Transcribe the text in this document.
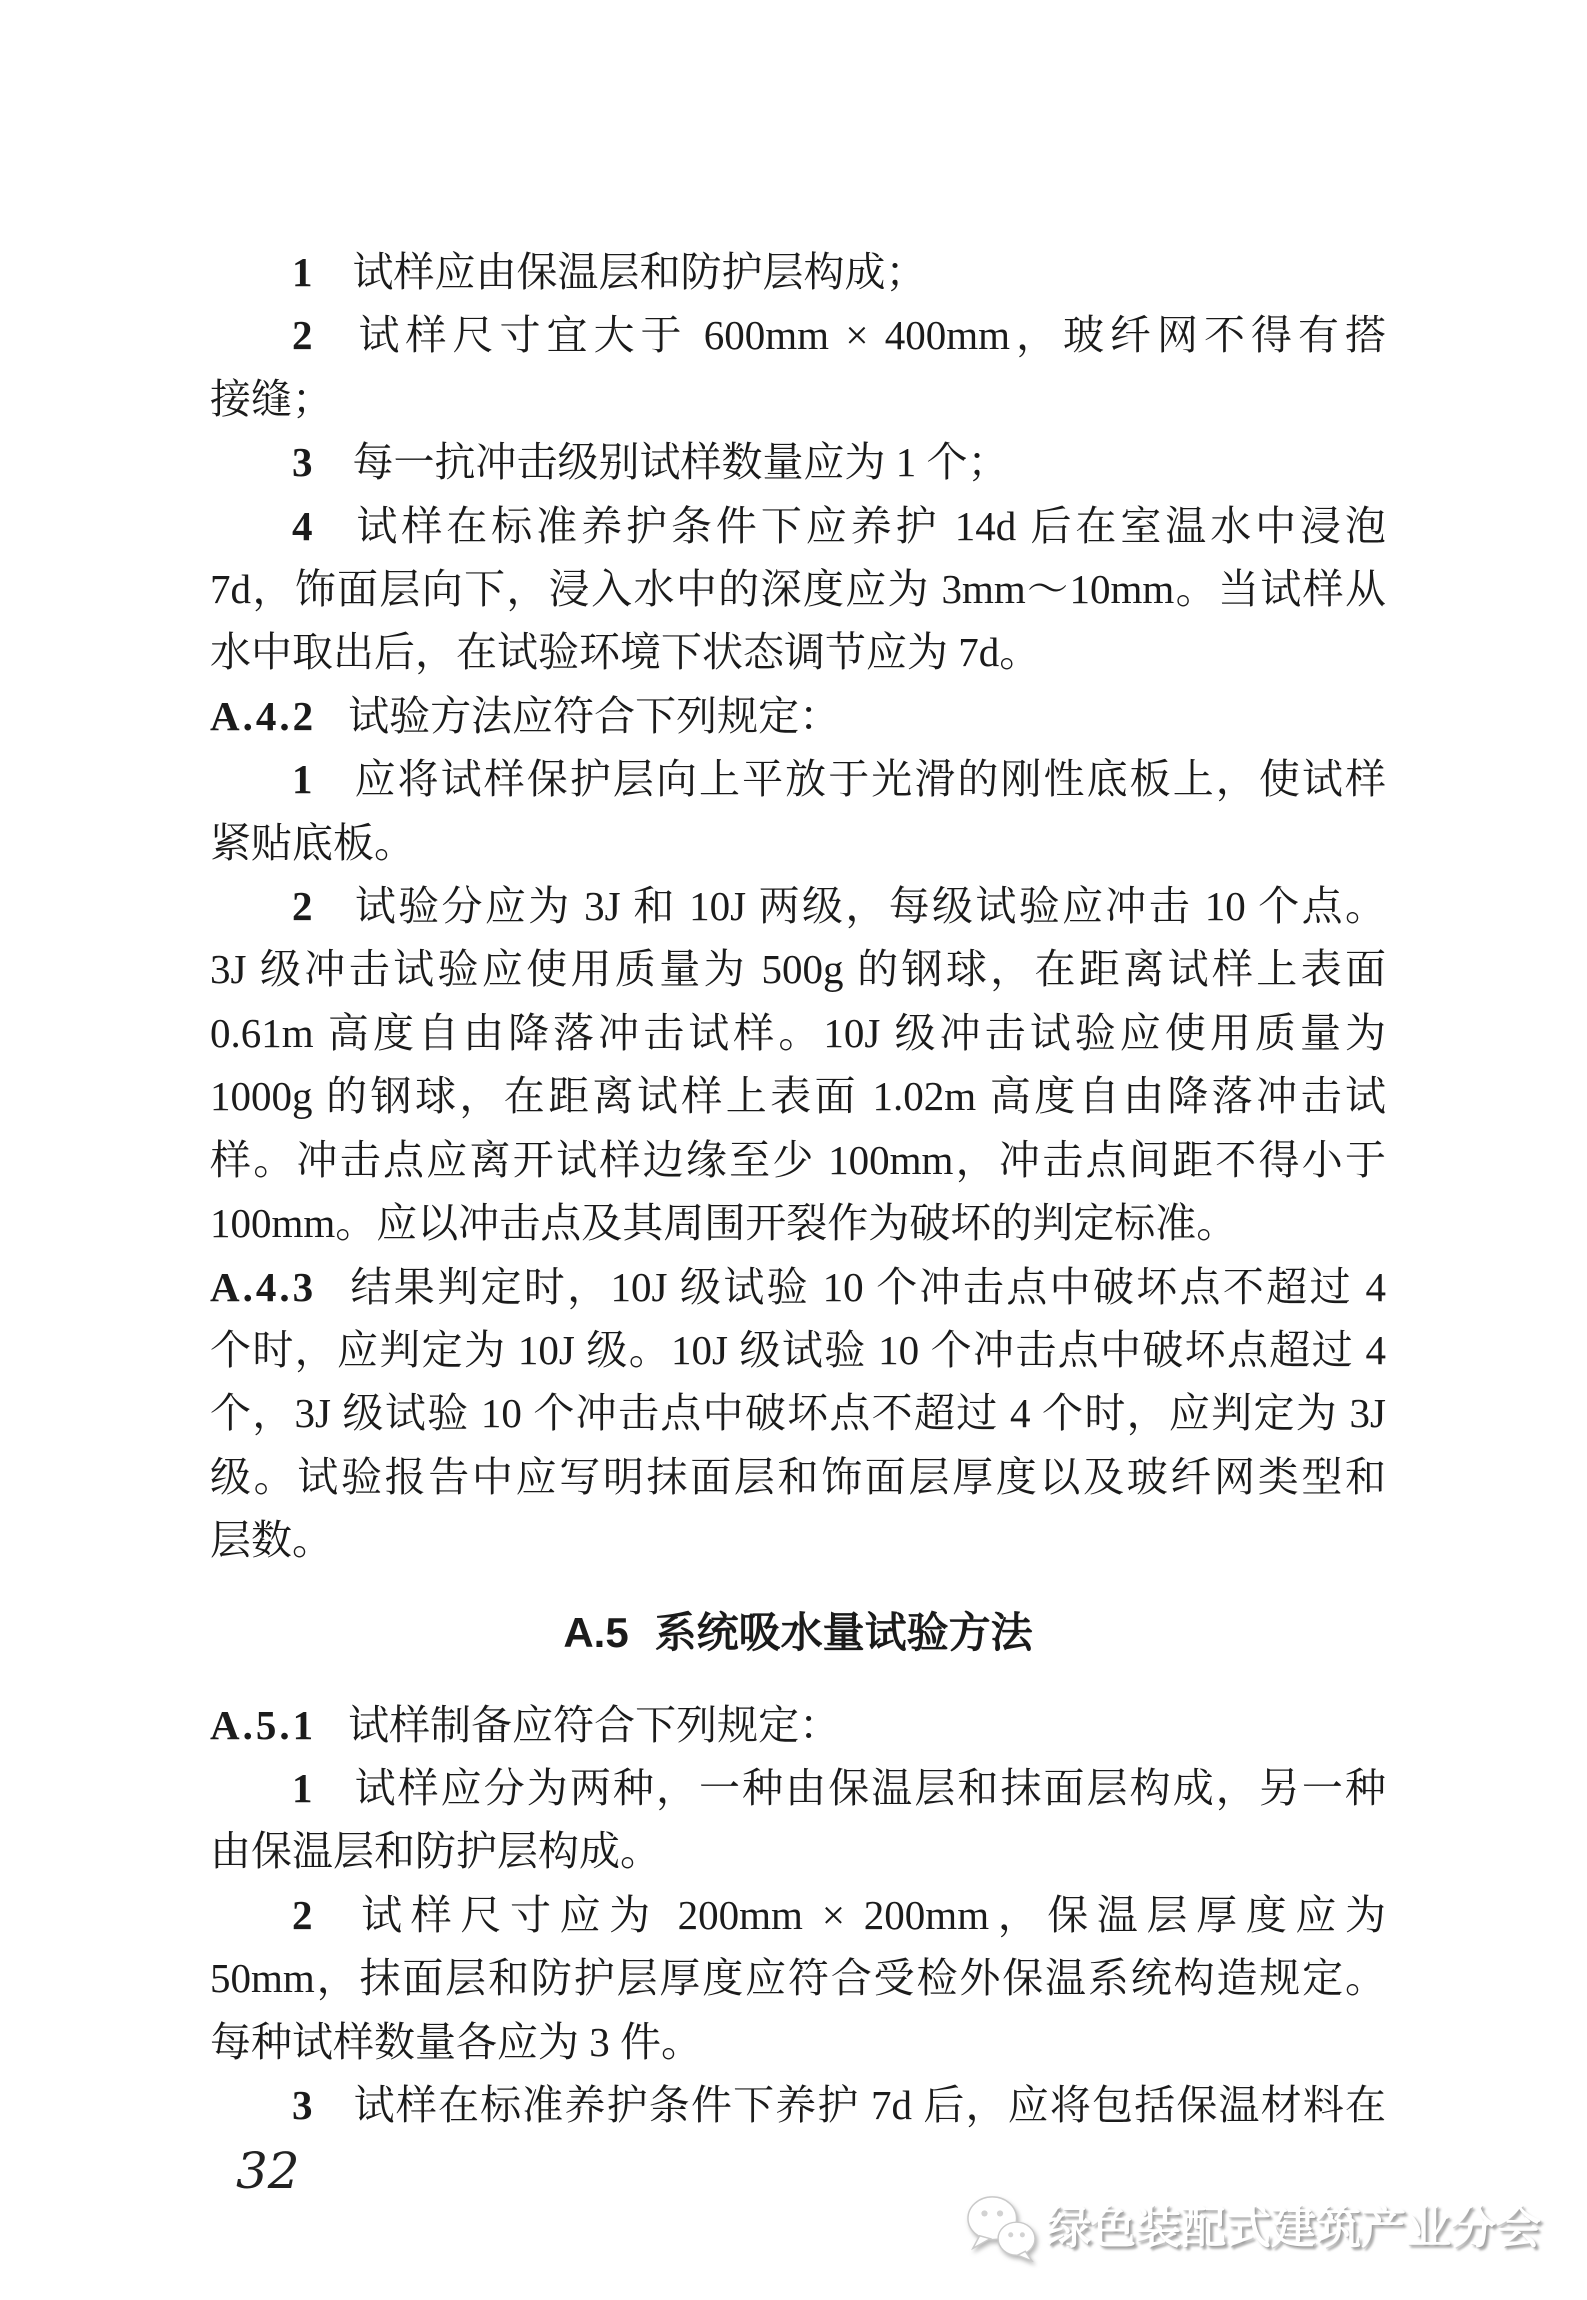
1 试样应由保温层和防护层构成；
2 试样尺寸宜大于 600mm × 400mm，玻纤网不得有搭
接缝；
3 每一抗冲击级别试样数量应为 1 个；
4 试样在标准养护条件下应养护 14d 后在室温水中浸泡
7d，饰面层向下，浸入水中的深度应为 3mm～10mm。当试样从
水中取出后，在试验环境下状态调节应为 7d。
A.4.2 试验方法应符合下列规定：
1 应将试样保护层向上平放于光滑的刚性底板上，使试样
紧贴底板。
2 试验分应为 3J 和 10J 两级，每级试验应冲击 10 个点。
3J 级冲击试验应使用质量为 500g 的钢球，在距离试样上表面
0.61m 高度自由降落冲击试样。10J 级冲击试验应使用质量为
1000g 的钢球，在距离试样上表面 1.02m 高度自由降落冲击试
样。冲击点应离开试样边缘至少 100mm，冲击点间距不得小于
100mm。应以冲击点及其周围开裂作为破坏的判定标准。
A.4.3 结果判定时，10J 级试验 10 个冲击点中破坏点不超过 4
个时，应判定为 10J 级。10J 级试验 10 个冲击点中破坏点超过 4
个，3J 级试验 10 个冲击点中破坏点不超过 4 个时，应判定为 3J
级。试验报告中应写明抹面层和饰面层厚度以及玻纤网类型和
层数。
A.5 系统吸水量试验方法
A.5.1 试样制备应符合下列规定：
1 试样应分为两种，一种由保温层和抹面层构成，另一种
由保温层和防护层构成。
2 试样尺寸应为 200mm × 200mm，保温层厚度应为
50mm，抹面层和防护层厚度应符合受检外保温系统构造规定。
每种试样数量各应为 3 件。
3 试样在标准养护条件下养护 7d 后，应将包括保温材料在
32
绿色装配式建筑产业分会
